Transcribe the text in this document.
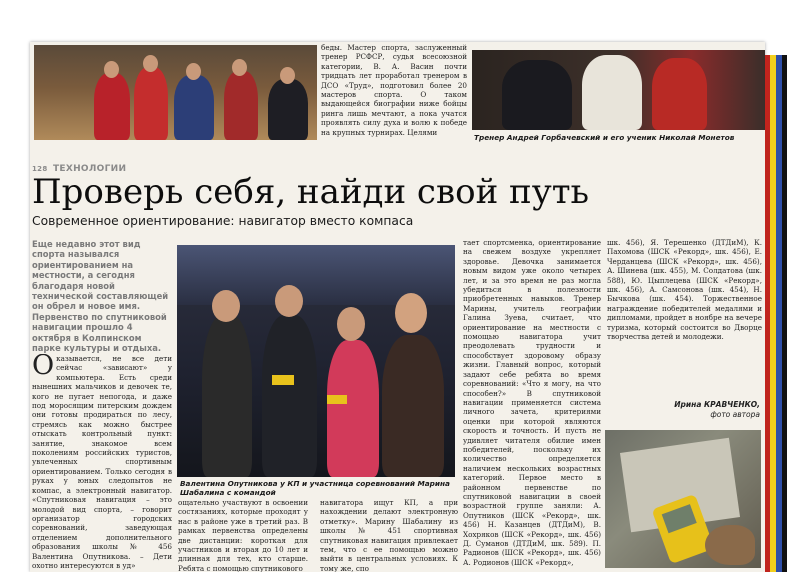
беды. Мастер спорта, заслуженный тренер РСФСР, судья всесоюзной категории, В. А. Васин почти тридцать лет проработал тренером в ДСО «Труд», подготовил более 20 мастеров спорта. О таком выдающейся биографии ниже бойцы ринга лишь мечтают, а пока учатся проявлять силу духа и волю к победе на крупных турнирах. Целями
Тренер Андрей Горбачевский и его ученик Николай Монетов
128 ТЕХНОЛОГИИ
Проверь себя, найди свой путь
Современное ориентирование: навигатор вместо компаса
Еще недавно этот вид спорта назывался ориентированием на местности, а сегодня благодаря новой технической составляющей он обрел и новое имя. Первенство по спутниковой навигации прошло 4 октября в Колпинском парке культуры и отдыха.
Оказывается, не все дети сейчас «зависают» у компьютера. Есть среди нынешних мальчиков и девочек те, кого не пугает непогода, и даже под моросящим питерским дождем они готовы продираться по лесу, стремясь как можно быстрее отыскать контрольный пункт: занятие, знакомое всем поколениям российских туристов, увлеченных спортивным ориентированием. Только сегодня в руках у юных следопытов не компас, а электронный навигатор. «Спутниковая навигация – это молодой вид спорта, – говорит организатор городских соревнований, заведующая отделением дополнительного образования школы № 456 Валентина Опутникова. – Дети охотно интересуются в уд»
Валентина Опутникова у КП и участница соревнований Марина
Шабалина с командой
ощательно участвуют в освоении состязаниях, которые проходят у нас в районе уже в третий раз. В рамках первенства определены две дистанции: короткая для участников и вторая до 10 лет и длинная для тех, кто старше. Ребята с помощью спутникового
навигатора ищут КП, а при нахождении делают электронную отметку». Марину Шабалину из школы № 451 спортивная спутниковая навигация привлекает тем, что с ее помощью можно выйти в центральных условиях. К тому же, спо
тает спортсменка, ориентирование на свежем воздухе укрепляет здоровье. Девочка занимается новым видом уже около четырех лет, и за это время не раз могла убедиться в полезности приобретенных навыков. Тренер Марины, учитель географии Галина Зуева, считает, что ориентирование на местности с помощью навигатора учит преодолевать трудности и способствует здоровому образу жизни. Главный вопрос, который задают себе ребята во время соревнований: «Что я могу, на что способен?» В спутниковой навигации применяется система личного зачета, критериями оценки при которой являются скорость и точность. И пусть не удивляет читателя обилие имен победителей, поскольку их количество определяется наличием нескольких возрастных категорий. Первое место в районном первенстве по спутниковой навигации в своей возрастной группе заняли: А. Опутников (ШСК «Рекорд», шк. 456) Н. Казанцев (ДТДиМ), В. Хохряков (ШСК «Рекорд», шк. 456) Д. Суманов (ДТДиМ, шк. 589). П. Радионов (ШСК «Рекорд», шк. 456) А. Родионов (ШСК «Рекорд»,
шк. 456), Я. Терешенко (ДТДиМ), К. Пахомова (ШСК «Рекорд», шк. 456), Е. Черданцева (ШСК «Рекорд», шк. 456), А. Шинева (шк. 455), М. Солдатова (шк. 588), Ю. Цыплецева (ШСК «Рекорд», шк. 456), А. Самсонова (шк. 454), Н. Бычкова (шк. 454). Торжественное награждение победителей медалями и дипломами, пройдет в ноябре на вечере туризма, который состоится во Дворце творчества детей и молодежи.
Ирина КРАВЧЕНКО,
фото автора
